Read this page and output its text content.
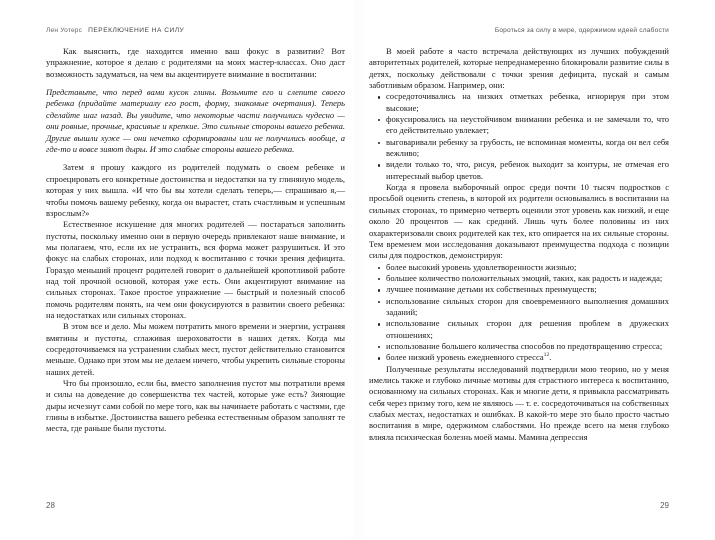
Лен Уотерс ПЕРЕКЛЮЧЕНИЕ НА СИЛУ

Как выяснить, где находится именно ваш фокус в развитии? Вот упражнение, которое я делаю с родителями на моих мастер-классах. Оно даст возможность задуматься, на чем вы акцентируете внимание в воспитании:

Представьте, что перед вами кусок глины. Возьмите его и слепите своего ребенка (придайте материалу его рост, форму, знакомые очертания). Теперь сделайте шаг назад. Вы увидите, что некоторые части получились чудесно — они ровные, прочные, красивые и крепкие. Это сильные стороны вашего ребенка. Другие вышли хуже — они нечетко сформированы или не получились вообще, а где-то и вовсе зияют дыры. И это слабые стороны вашего ребенка.

Затем я прошу каждого из родителей подумать о своем ребенке и спроецировать его конкретные достоинства и недостатки на ту глиняную модель, которая у них вышла. «И что бы вы хотели сделать теперь,— спрашиваю я,— чтобы помочь вашему ребенку, когда он вырастет, стать счастливым и успешным взрослым?»

Естественное искушение для многих родителей — постараться заполнить пустоты, поскольку именно они в первую очередь привлекают наше внимание, и мы полагаем, что, если их не устранить, вся форма может разрушиться. И это фокус на слабых сторонах, или подход к воспитанию с точки зрения дефицита. Гораздо меньший процент родителей говорит о дальнейшей кропотливой работе над той прочной основой, которая уже есть. Они акцентируют внимание на сильных сторонах. Такое простое упражнение — быстрый и полезный способ помочь родителям понять, на чем они фокусируются в развитии своего ребенка: на недостатках или сильных сторонах.

В этом все и дело. Мы можем потратить много времени и энергии, устраняя вмятины и пустоты, сглаживая шероховатости в наших детях. Когда мы сосредоточиваемся на устранении слабых мест, пустот действительно становится меньше. Однако при этом мы не делаем ничего, чтобы укрепить сильные стороны наших детей.

Что бы произошло, если бы, вместо заполнения пустот мы потратили время и силы на доведение до совершенства тех частей, которые уже есть? Зияющие дыры исчезнут сами собой по мере того, как вы начинаете работать с частями, где глины в избытке. Достоинства вашего ребенка естественным образом заполнят те места, где раньше были пустоты.

28
Бороться за силу в мире, одержимом идеей слабости

В моей работе я часто встречала действующих из лучших побуждений авторитетных родителей, которые непреднамеренно блокировали развитие силы в детях, поскольку действовали с точки зрения дефицита, пускай и самым заботливым образом. Например, они:

сосредоточивались на низких отметках ребенка, игнорируя при этом высокие;
фокусировались на неустойчивом внимании ребенка и не замечали то, что его действительно увлекает;
выговаривали ребенку за грубость, не вспоминая моменты, когда он вел себя вежливо;
видели только то, что, рисуя, ребенок выходит за контуры, не отмечая его интересный выбор цветов.

Когда я провела выборочный опрос среди почти 10 тысяч подростков с просьбой оценить степень, в которой их родители основывались в воспитании на сильных сторонах, то примерно четверть оценили этот уровень как низкий, и еще около 20 процентов — как средний. Лишь чуть более половины из них охарактеризовали своих родителей как тех, кто опирается на их сильные стороны. Тем временем мои исследования доказывают преимущества подхода с позиции силы для подростков, демонстрируя:

более высокий уровень удовлетворенности жизнью;
большее количество положительных эмоций, таких, как радость и надежда;
лучшее понимание детьми их собственных преимуществ;
использование сильных сторон для своевременного выполнения домашних заданий;
использование сильных сторон для решения проблем в дружеских отношениях;
использование большего количества способов по предотвращению стресса;
более низкий уровень ежедневного стресса$^{12}$.

Полученные результаты исследований подтвердили мою теорию, но у меня имелись также и глубоко личные мотивы для страстного интереса к воспитанию, основанному на сильных сторонах. Как и многие дети, я привыкла рассматривать себя через призму того, кем не являюсь — т. е. сосредоточиваться на собственных слабых местах, недостатках и ошибках. В какой-то мере это было просто частью воспитания в мире, одержимом слабостями. Но прежде всего на меня глубоко влияла психическая болезнь моей мамы. Мамина депрессия

29
